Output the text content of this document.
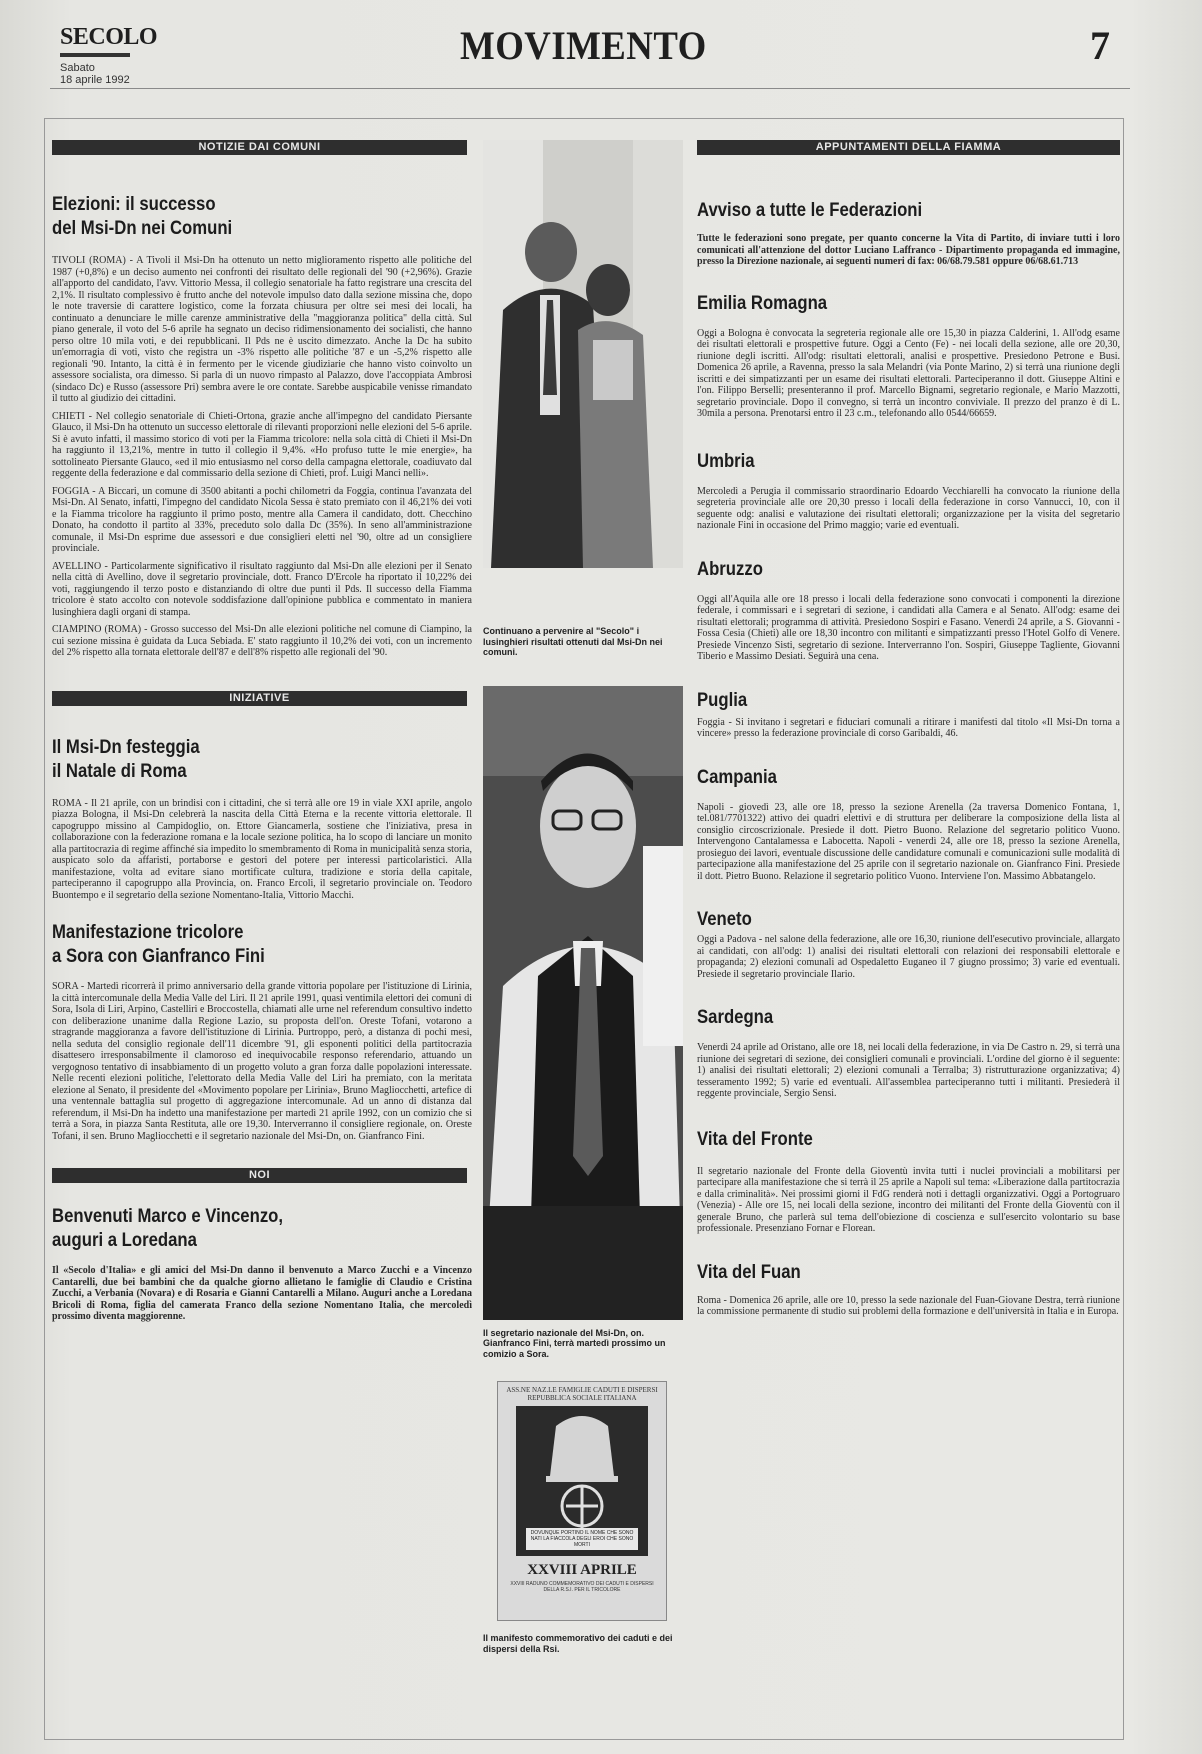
SECOLO
Sabato
18 aprile 1992
MOVIMENTO	7
NOTIZIE DAI COMUNI
Elezioni: il successo
del Msi-Dn nei Comuni

TIVOLI (ROMA) - A Tivoli il Msi-Dn ha ottenuto un netto miglioramento rispetto alle politiche del 1987 (+0,8%) e un deciso aumento nei confronti dei risultato delle regionali del '90 (+2,96%). Grazie all'apporto del candidato, l'avv. Vittorio Messa, il collegio senatoriale ha fatto registrare una crescita del 2,1%. Il risultato complessivo è frutto anche del notevole impulso dato dalla sezione missina che, dopo le note traversie di carattere logistico, come la forzata chiusura per oltre sei mesi dei locali, ha continuato a denunciare le mille carenze amministrative della "maggioranza politica" della città. Sul piano generale, il voto del 5-6 aprile ha segnato un deciso ridimensionamento dei socialisti, che hanno perso oltre 10 mila voti, e dei repubblicani. Il Pds ne è uscito dimezzato. Anche la Dc ha subito un'emorragia di voti, visto che registra un -3% rispetto alle politiche '87 e un -5,2% rispetto alle regionali '90. Intanto, la città è in fermento per le vicende giudiziarie che hanno visto coinvolto un assessore socialista, ora dimesso. Si parla di un nuovo rimpasto al Palazzo, dove l'accoppiata Ambrosi (sindaco Dc) e Russo (assessore Pri) sembra avere le ore contate. Sarebbe auspicabile venisse rimandato il tutto al giudizio dei cittadini.

CHIETI - Nel collegio senatoriale di Chieti-Ortona, grazie anche all'impegno del candidato Piersante Glauco, il Msi-Dn ha ottenuto un successo elettorale di rilevanti proporzioni nelle elezioni del 5-6 aprile. Si è avuto infatti, il massimo storico di voti per la Fiamma tricolore: nella sola città di Chieti il Msi-Dn ha raggiunto il 13,21%, mentre in tutto il collegio il 9,4%. «Ho profuso tutte le mie energie», ha sottolineato Piersante Glauco, «ed il mio entusiasmo nel corso della campagna elettorale, coadiuvato dal reggente della federazione e dal commissario della sezione di Chieti, prof. Luigi Manci nelli».

FOGGIA - A Biccari, un comune di 3500 abitanti a pochi chilometri da Foggia, continua l'avanzata del Msi-Dn. Al Senato, infatti, l'impegno del candidato Nicola Sessa è stato premiato con il 46,21% dei voti e la Fiamma tricolore ha raggiunto il primo posto, mentre alla Camera il candidato, dott. Checchino Donato, ha condotto il partito al 33%, preceduto solo dalla Dc (35%). In seno all'amministrazione comunale, il Msi-Dn esprime due assessori e due consiglieri eletti nel '90, oltre ad un consigliere provinciale.

AVELLINO - Particolarmente significativo il risultato raggiunto dal Msi-Dn alle elezioni per il Senato nella città di Avellino, dove il segretario provinciale, dott. Franco D'Ercole ha riportato il 10,22% dei voti, raggiungendo il terzo posto e distanziando di oltre due punti il Pds. Il successo della Fiamma tricolore è stato accolto con notevole soddisfazione dall'opinione pubblica e commentato in maniera lusinghiera dagli organi di stampa.

CIAMPINO (ROMA) - Grosso successo del Msi-Dn alle elezioni politiche nel comune di Ciampino, la cui sezione missina è guidata da Luca Sebiada. E' stato raggiunto il 10,2% dei voti, con un incremento del 2% rispetto alla tornata elettorale dell'87 e dell'8% rispetto alle regionali del '90.

INIZIATIVE
Il Msi-Dn festeggia
il Natale di Roma

ROMA - Il 21 aprile, con un brindisi con i cittadini, che si terrà alle ore 19 in viale XXI aprile, angolo piazza Bologna, il Msi-Dn celebrerà la nascita della Città Eterna e la recente vittoria elettorale. Il capogruppo missino al Campidoglio, on. Ettore Giancamerla, sostiene che l'iniziativa, presa in collaborazione con la federazione romana e la locale sezione politica, ha lo scopo di lanciare un monito alla partitocrazia di regime affinché sia impedito lo smembramento di Roma in municipalità senza storia, auspicato solo da affaristi, portaborse e gestori del potere per interessi particolaristici. Alla manifestazione, volta ad evitare siano mortificate cultura, tradizione e storia della capitale, parteciperanno il capogruppo alla Provincia, on. Franco Ercoli, il segretario provinciale on. Teodoro Buontempo e il segretario della sezione Nomentano-Italia, Vittorio Macchi.

Manifestazione tricolore
a Sora con Gianfranco Fini

SORA - Martedì ricorrerà il primo anniversario della grande vittoria popolare per l'istituzione di Lirinia, la città intercomunale della Media Valle del Liri. Il 21 aprile 1991, quasi ventimila elettori dei comuni di Sora, Isola di Liri, Arpino, Castelliri e Broccostella, chiamati alle urne nel referendum consultivo indetto con deliberazione unanime dalla Regione Lazio, su proposta dell'on. Oreste Tofani, votarono a stragrande maggioranza a favore dell'istituzione di Lirinia. Purtroppo, però, a distanza di pochi mesi, nella seduta del consiglio regionale dell'11 dicembre '91, gli esponenti politici della partitocrazia disattesero irresponsabilmente il clamoroso ed inequivocabile responso referendario, attuando un vergognoso tentativo di insabbiamento di un progetto voluto a gran forza dalle popolazioni interessate. Nelle recenti elezioni politiche, l'elettorato della Media Valle del Liri ha premiato, con la meritata elezione al Senato, il presidente del «Movimento popolare per Lirinia», Bruno Magliocchetti, artefice di una ventennale battaglia sul progetto di aggregazione intercomunale. Ad un anno di distanza dal referendum, il Msi-Dn ha indetto una manifestazione per martedì 21 aprile 1992, con un comizio che si terrà a Sora, in piazza Santa Restituta, alle ore 19,30. Interverranno il consigliere regionale, on. Oreste Tofani, il sen. Bruno Magliocchetti e il segretario nazionale del Msi-Dn, on. Gianfranco Fini.

NOI
Benvenuti Marco e Vincenzo,
auguri a Loredana

Il «Secolo d'Italia» e gli amici del Msi-Dn danno il benvenuto a Marco Zucchi e a Vincenzo Cantarelli, due bei bambini che da qualche giorno allietano le famiglie di Claudio e Cristina Zucchi, a Verbania (Novara) e di Rosaria e Gianni Cantarelli a Milano. Auguri anche a Loredana Bricoli di Roma, figlia del camerata Franco della sezione Nomentano Italia, che mercoledì prossimo diventa maggiorenne.

Continuano a pervenire al "Secolo" i lusinghieri risultati ottenuti dal Msi-Dn nei comuni.
Il segretario nazionale del Msi-Dn, on. Gianfranco Fini, terrà martedì prossimo un comizio a Sora.
ASS.NE NAZ.LE FAMIGLIE CADUTI E DISPERSI REPUBBLICA SOCIALE ITALIANA
DOVUNQUE PORTINO IL NOME CHE SONO NATI LA FIACCOLA DEGLI EROI CHE SONO MORTI
XXVIII APRILE
XXVIII RADUNO COMMEMORATIVO DEI CADUTI E DISPERSI DELLA R.S.I. PER IL TRICOLORE
Il manifesto commemorativo dei caduti e dei dispersi della Rsi.
APPUNTAMENTI DELLA FIAMMA
Avviso a tutte le Federazioni

Tutte le federazioni sono pregate, per quanto concerne la Vita di Partito, di inviare tutti i loro comunicati all'attenzione del dottor Luciano Laffranco - Dipartimento propaganda ed immagine, presso la Direzione nazionale, ai seguenti numeri di fax: 06/68.79.581 oppure 06/68.61.713

Emilia Romagna

Oggi a Bologna è convocata la segreteria regionale alle ore 15,30 in piazza Calderini, 1. All'odg esame dei risultati elettorali e prospettive future. Oggi a Cento (Fe) - nei locali della sezione, alle ore 20,30, riunione degli iscritti. All'odg: risultati elettorali, analisi e prospettive. Presiedono Petrone e Busi. Domenica 26 aprile, a Ravenna, presso la sala Melandri (via Ponte Marino, 2) si terrà una riunione degli iscritti e dei simpatizzanti per un esame dei risultati elettorali. Parteciperanno il dott. Giuseppe Altini e l'on. Filippo Berselli; presenteranno il prof. Marcello Bignami, segretario regionale, e Mario Mazzotti, segretario provinciale. Dopo il convegno, si terrà un incontro conviviale. Il prezzo del pranzo è di L. 30mila a persona. Prenotarsi entro il 23 c.m., telefonando allo 0544/66659.

Umbria

Mercoledì a Perugia il commissario straordinario Edoardo Vecchiarelli ha convocato la riunione della segreteria provinciale alle ore 20,30 presso i locali della federazione in corso Vannucci, 10, con il seguente odg: analisi e valutazione dei risultati elettorali; organizzazione per la visita del segretario nazionale Fini in occasione del Primo maggio; varie ed eventuali.

Abruzzo

Oggi all'Aquila alle ore 18 presso i locali della federazione sono convocati i componenti la direzione federale, i commissari e i segretari di sezione, i candidati alla Camera e al Senato. All'odg: esame dei risultati elettorali; programma di attività. Presiedono Sospiri e Fasano. Venerdì 24 aprile, a S. Giovanni - Fossa Cesia (Chieti) alle ore 18,30 incontro con militanti e simpatizzanti presso l'Hotel Golfo di Venere. Presiede Vincenzo Sisti, segretario di sezione. Interverranno l'on. Sospiri, Giuseppe Tagliente, Giovanni Tiberio e Massimo Desiati. Seguirà una cena.

Puglia

Foggia - Si invitano i segretari e fiduciari comunali a ritirare i manifesti dal titolo «Il Msi-Dn torna a vincere» presso la federazione provinciale di corso Garibaldi, 46.

Campania

Napoli - giovedì 23, alle ore 18, presso la sezione Arenella (2a traversa Domenico Fontana, 1, tel.081/7701322) attivo dei quadri elettivi e di struttura per deliberare la composizione della lista al consiglio circoscrizionale. Presiede il dott. Pietro Buono. Relazione del segretario politico Vuono. Intervengono Cantalamessa e Labocetta. Napoli - venerdì 24, alle ore 18, presso la sezione Arenella, prosieguo dei lavori, eventuale discussione delle candidature comunali e comunicazioni sulle modalità di partecipazione alla manifestazione del 25 aprile con il segretario nazionale on. Gianfranco Fini. Presiede il dott. Pietro Buono. Relazione il segretario politico Vuono. Interviene l'on. Massimo Abbatangelo.

Veneto

Oggi a Padova - nel salone della federazione, alle ore 16,30, riunione dell'esecutivo provinciale, allargato ai candidati, con all'odg: 1) analisi dei risultati elettorali con relazioni dei responsabili elettorale e propaganda; 2) elezioni comunali ad Ospedaletto Euganeo il 7 giugno prossimo; 3) varie ed eventuali. Presiede il segretario provinciale Ilario.

Sardegna

Venerdì 24 aprile ad Oristano, alle ore 18, nei locali della federazione, in via De Castro n. 29, si terrà una riunione dei segretari di sezione, dei consiglieri comunali e provinciali. L'ordine del giorno è il seguente: 1) analisi dei risultati elettorali; 2) elezioni comunali a Terralba; 3) ristrutturazione organizzativa; 4) tesseramento 1992; 5) varie ed eventuali. All'assemblea parteciperanno tutti i militanti. Presiederà il reggente provinciale, Sergio Sensi.

Vita del Fronte

Il segretario nazionale del Fronte della Gioventù invita tutti i nuclei provinciali a mobilitarsi per partecipare alla manifestazione che si terrà il 25 aprile a Napoli sul tema: «Liberazione dalla partitocrazia e dalla criminalità». Nei prossimi giorni il FdG renderà noti i dettagli organizzativi. Oggi a Portogruaro (Venezia) - Alle ore 15, nei locali della sezione, incontro dei militanti del Fronte della Gioventù con il generale Bruno, che parlerà sul tema dell'obiezione di coscienza e sull'esercito volontario su base professionale. Presenziano Fornar e Florean.

Vita del Fuan

Roma - Domenica 26 aprile, alle ore 10, presso la sede nazionale del Fuan-Giovane Destra, terrà riunione la commissione permanente di studio sui problemi della formazione e dell'università in Italia e in Europa.
